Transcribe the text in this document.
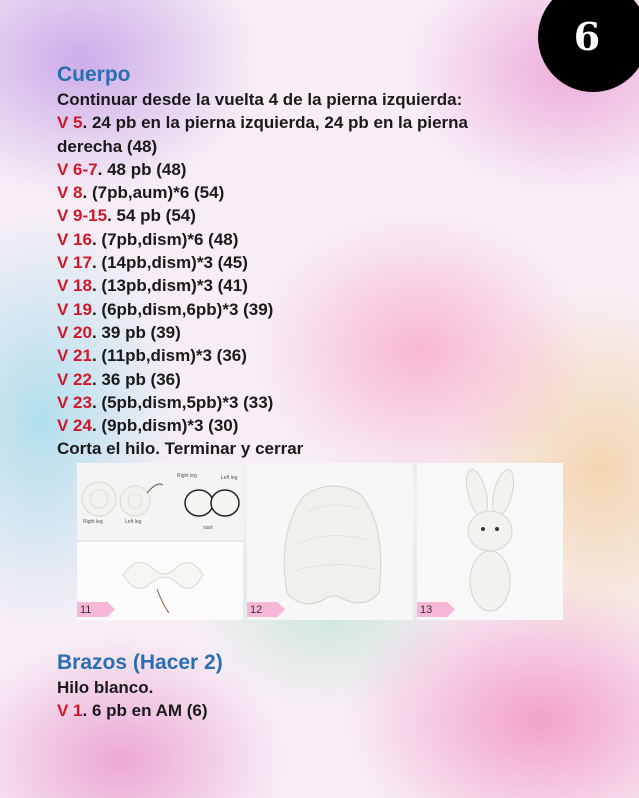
6

Cuerpo

Continuar desde la vuelta 4 de la pierna izquierda:

V 5. 24 pb en la pierna izquierda, 24 pb en la pierna

derecha (48)

V 6-7. 48 pb (48)

V 8. (7pb,aum)*6 (54)

V 9-15. 54 pb (54)

V 16. (7pb,dism)*6 (48)

V 17. (14pb,dism)*3 (45)

V 18. (13pb,dism)*3 (41)

V 19. (6pb,dism,6pb)*3 (39)

V 20. 39 pb (39)

V 21. (11pb,dism)*3 (36)

V 22. 36 pb (36)

V 23. (5pb,dism,5pb)*3 (33)

V 24. (9pb,dism)*3 (30)

Corta el hilo. Terminar y cerrar

Right leg	Left leg
Right leg	Left leg
start
11	12	13

Brazos (Hacer 2)

Hilo blanco.

V 1. 6 pb en AM (6)
